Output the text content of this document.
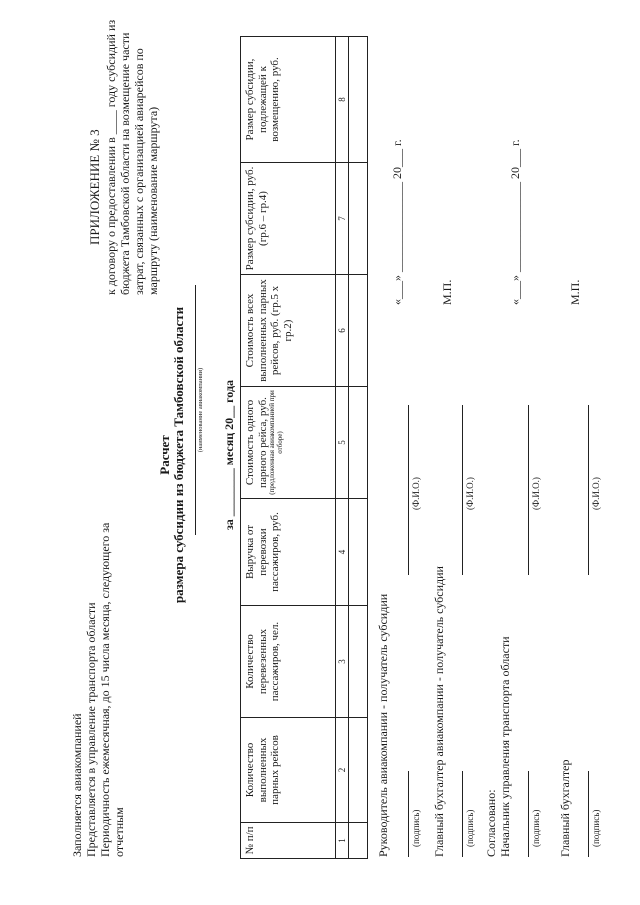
Заполняется авиакомпанией Представляется в управление транспорта области Периодичность ежемесячная, до 15 числа месяца, следующего за отчетным
ПРИЛОЖЕНИЕ № 3 к договору о предоставлении в ____ году субсидий из бюджета Тамбовской области на возмещение части затрат, связанных с организацией авиарейсов по маршруту (наименование маршрута)
(наименование авиакомпании)
Расчет размера субсидии из бюджета Тамбовской области	за ________ месяц 20__ года
№ п/п	Количество выполненных парных рейсов	Количество перевезенных пассажиров, чел.	Выручка от перевозки пассажиров, руб.	Стоимость одного парного рейса, руб. (предложенная авиакомпанией при отборе)	Стоимость всех выполненных парных рейсов, руб. (гр.5 х гр.2)	Размер субсидии, руб. (гр.6 – гр.4)	Размер субсидии, подлежащей к возмещению, руб.
1	2	3	4	5	6	7	8

Руководитель авиакомпании - получатель субсидии (подпись)
(Ф.И.О.)
«___» _______________ 20___ г.
Главный бухгалтер авиакомпании - получатель субсидии (подпись)
(Ф.И.О.)
М.П.
Согласовано: Начальник управления транспорта области (подпись)
(Ф.И.О.)
«___» _______________ 20___ г.
Главный бухгалтер (подпись)
(Ф.И.О.)
М.П.
